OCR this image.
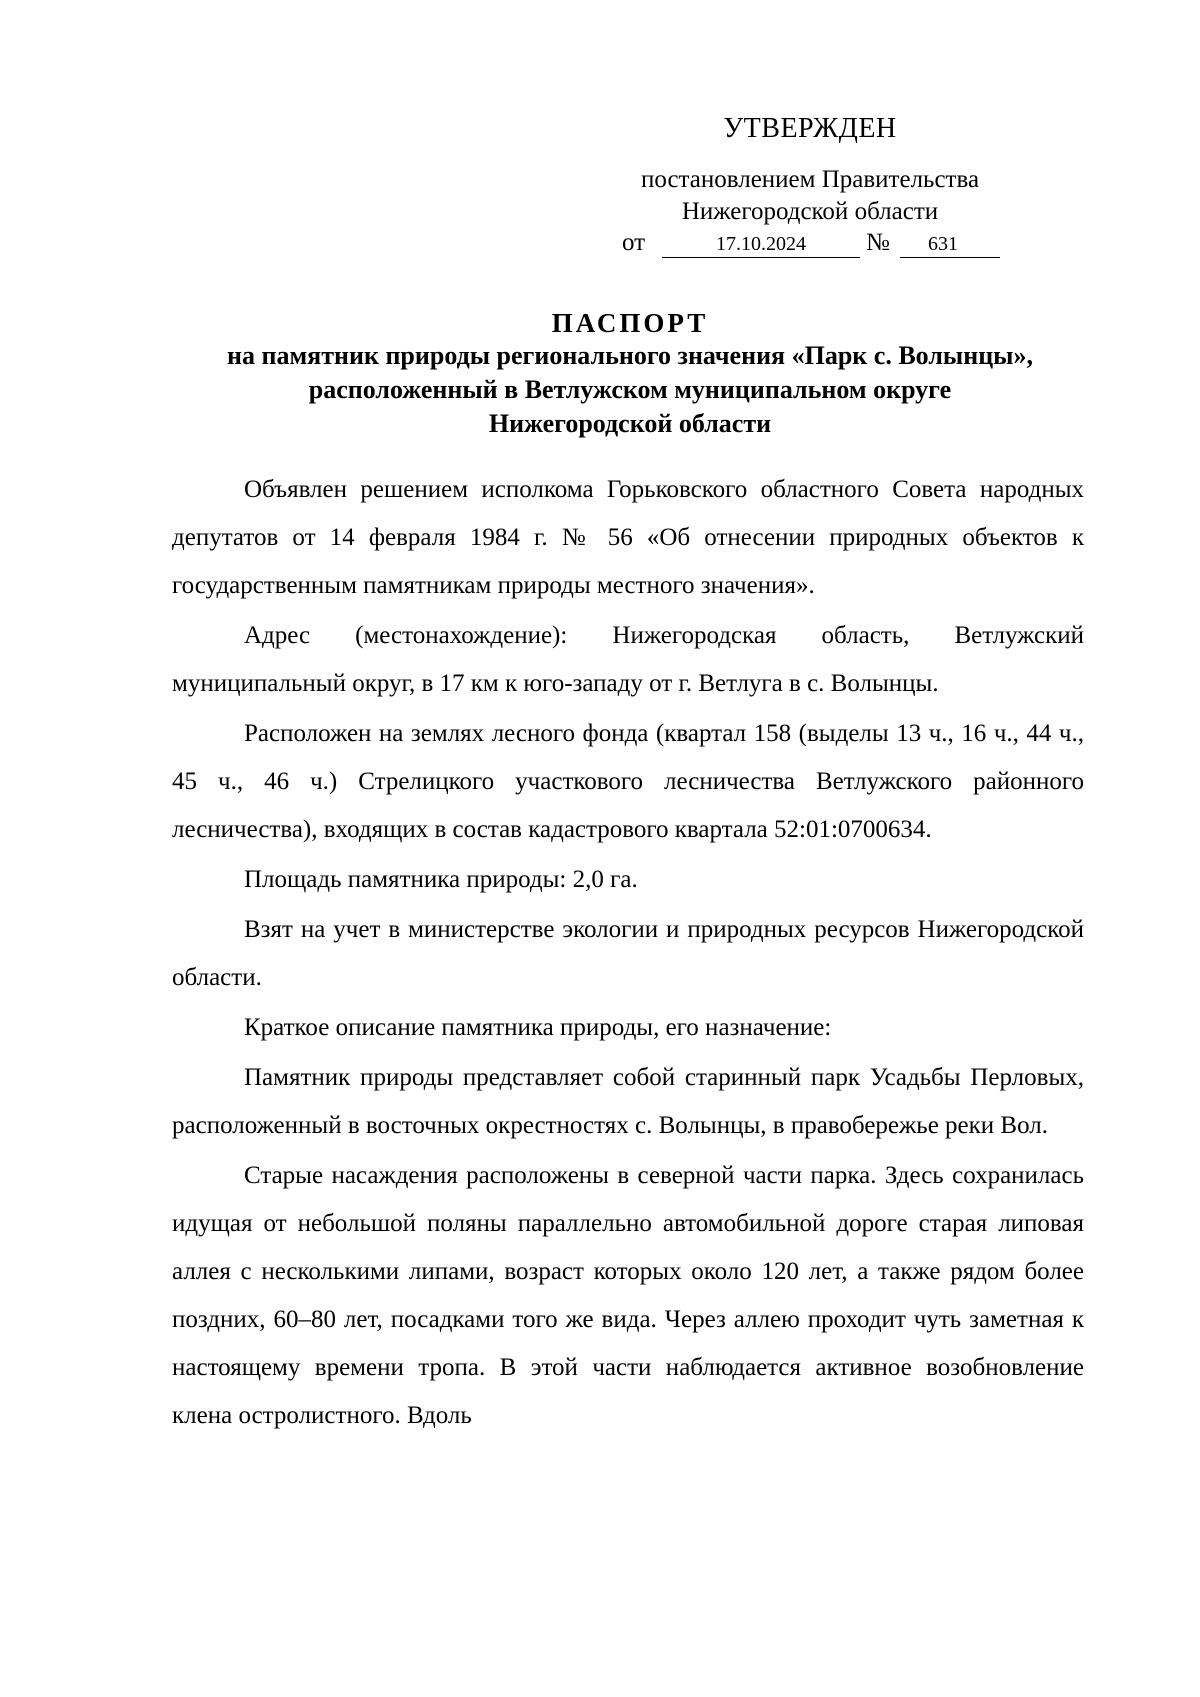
УТВЕРЖДЕН
постановлением Правительства
Нижегородской области
от	17.10.2024	№	631
ПАСПОРТ
на памятник природы регионального значения «Парк с. Волынцы»,
расположенный в Ветлужском муниципальном округе
Нижегородской области

Объявлен решением исполкома Горьковского областного Совета народных депутатов от 14 февраля 1984 г. № 56 «Об отнесении природных объектов к государственным памятникам природы местного значения».

Адрес (местонахождение): Нижегородская область, Ветлужский муниципальный округ, в 17 км к юго-западу от г. Ветлуга в с. Волынцы.

Расположен на землях лесного фонда (квартал 158 (выделы 13 ч., 16 ч., 44 ч., 45 ч., 46 ч.) Стрелицкого участкового лесничества Ветлужского районного лесничества), входящих в состав кадастрового квартала 52:01:0700634.

Площадь памятника природы: 2,0 га.

Взят на учет в министерстве экологии и природных ресурсов Нижегородской области.

Краткое описание памятника природы, его назначение:

Памятник природы представляет собой старинный парк Усадьбы Перловых, расположенный в восточных окрестностях с. Волынцы, в правобережье реки Вол.

Старые насаждения расположены в северной части парка. Здесь сохранилась идущая от небольшой поляны параллельно автомобильной дороге старая липовая аллея с несколькими липами, возраст которых около 120 лет, а также рядом более поздних, 60–80 лет, посадками того же вида. Через аллею проходит чуть заметная к настоящему времени тропа. В этой части наблюдается активное возобновление клена остролистного. Вдоль
